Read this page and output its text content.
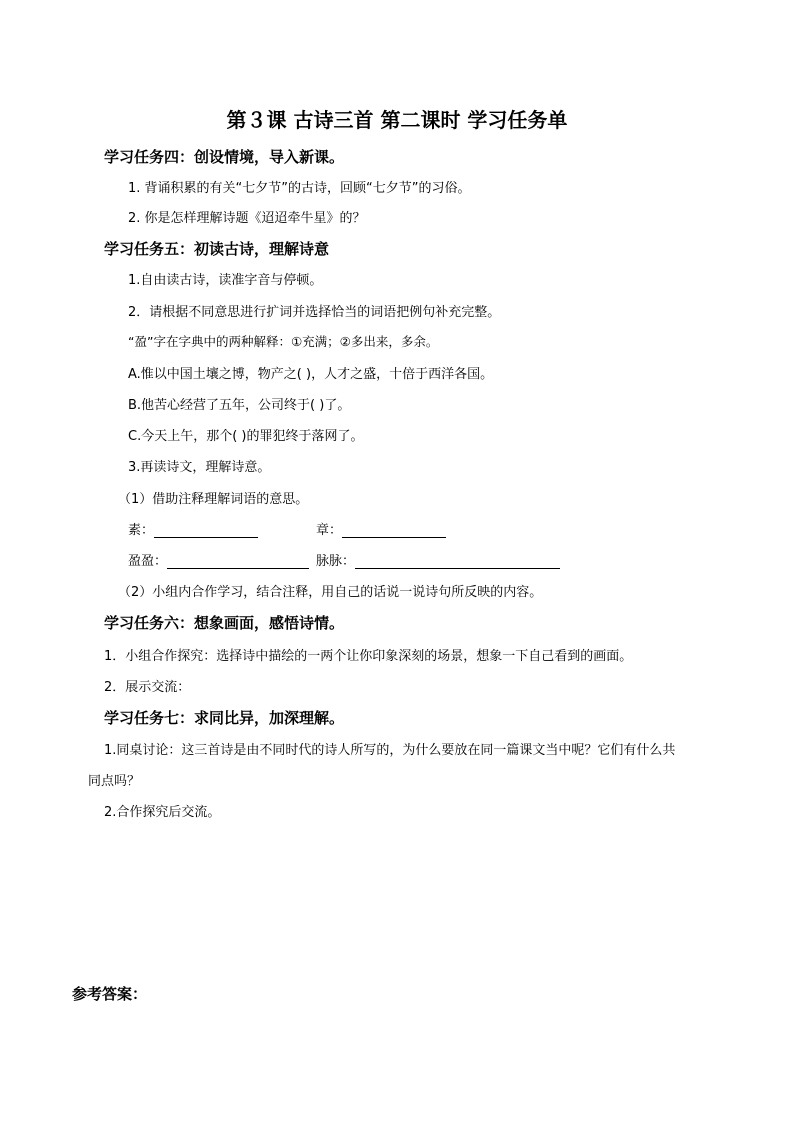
第３课 古诗三首 第二课时 学习任务单
学习任务四：创设情境，导入新课。
1. 背诵积累的有关“七夕节”的古诗，回顾“七夕节”的习俗。
2. 你是怎样理解诗题《迢迢牵牛星》的？
学习任务五：初读古诗，理解诗意
1.自由读古诗，读准字音与停顿。
2．请根据不同意思进行扩词并选择恰当的词语把例句补充完整。
“盈”字在字典中的两种解释：①充满；②多出来，多余。
A.惟以中国土壤之博，物产之( )，人才之盛，十倍于西洋各国。
B.他苦心经营了五年，公司终于( )了。
C.今天上午，那个( )的罪犯终于落网了。
3.再读诗文，理解诗意。
（1）借助注释理解词语的意思。
素：	章：
盈盈：	脉脉：
（2）小组内合作学习，结合注释，用自己的话说一说诗句所反映的内容。
学习任务六：想象画面，感悟诗情。
1．小组合作探究：选择诗中描绘的一两个让你印象深刻的场景，想象一下自己看到的画面。
2．展示交流：
学习任务七：求同比异，加深理解。
1.同桌讨论：这三首诗是由不同时代的诗人所写的，为什么要放在同一篇课文当中呢？它们有什么共
同点吗？
2.合作探究后交流。
参考答案：
